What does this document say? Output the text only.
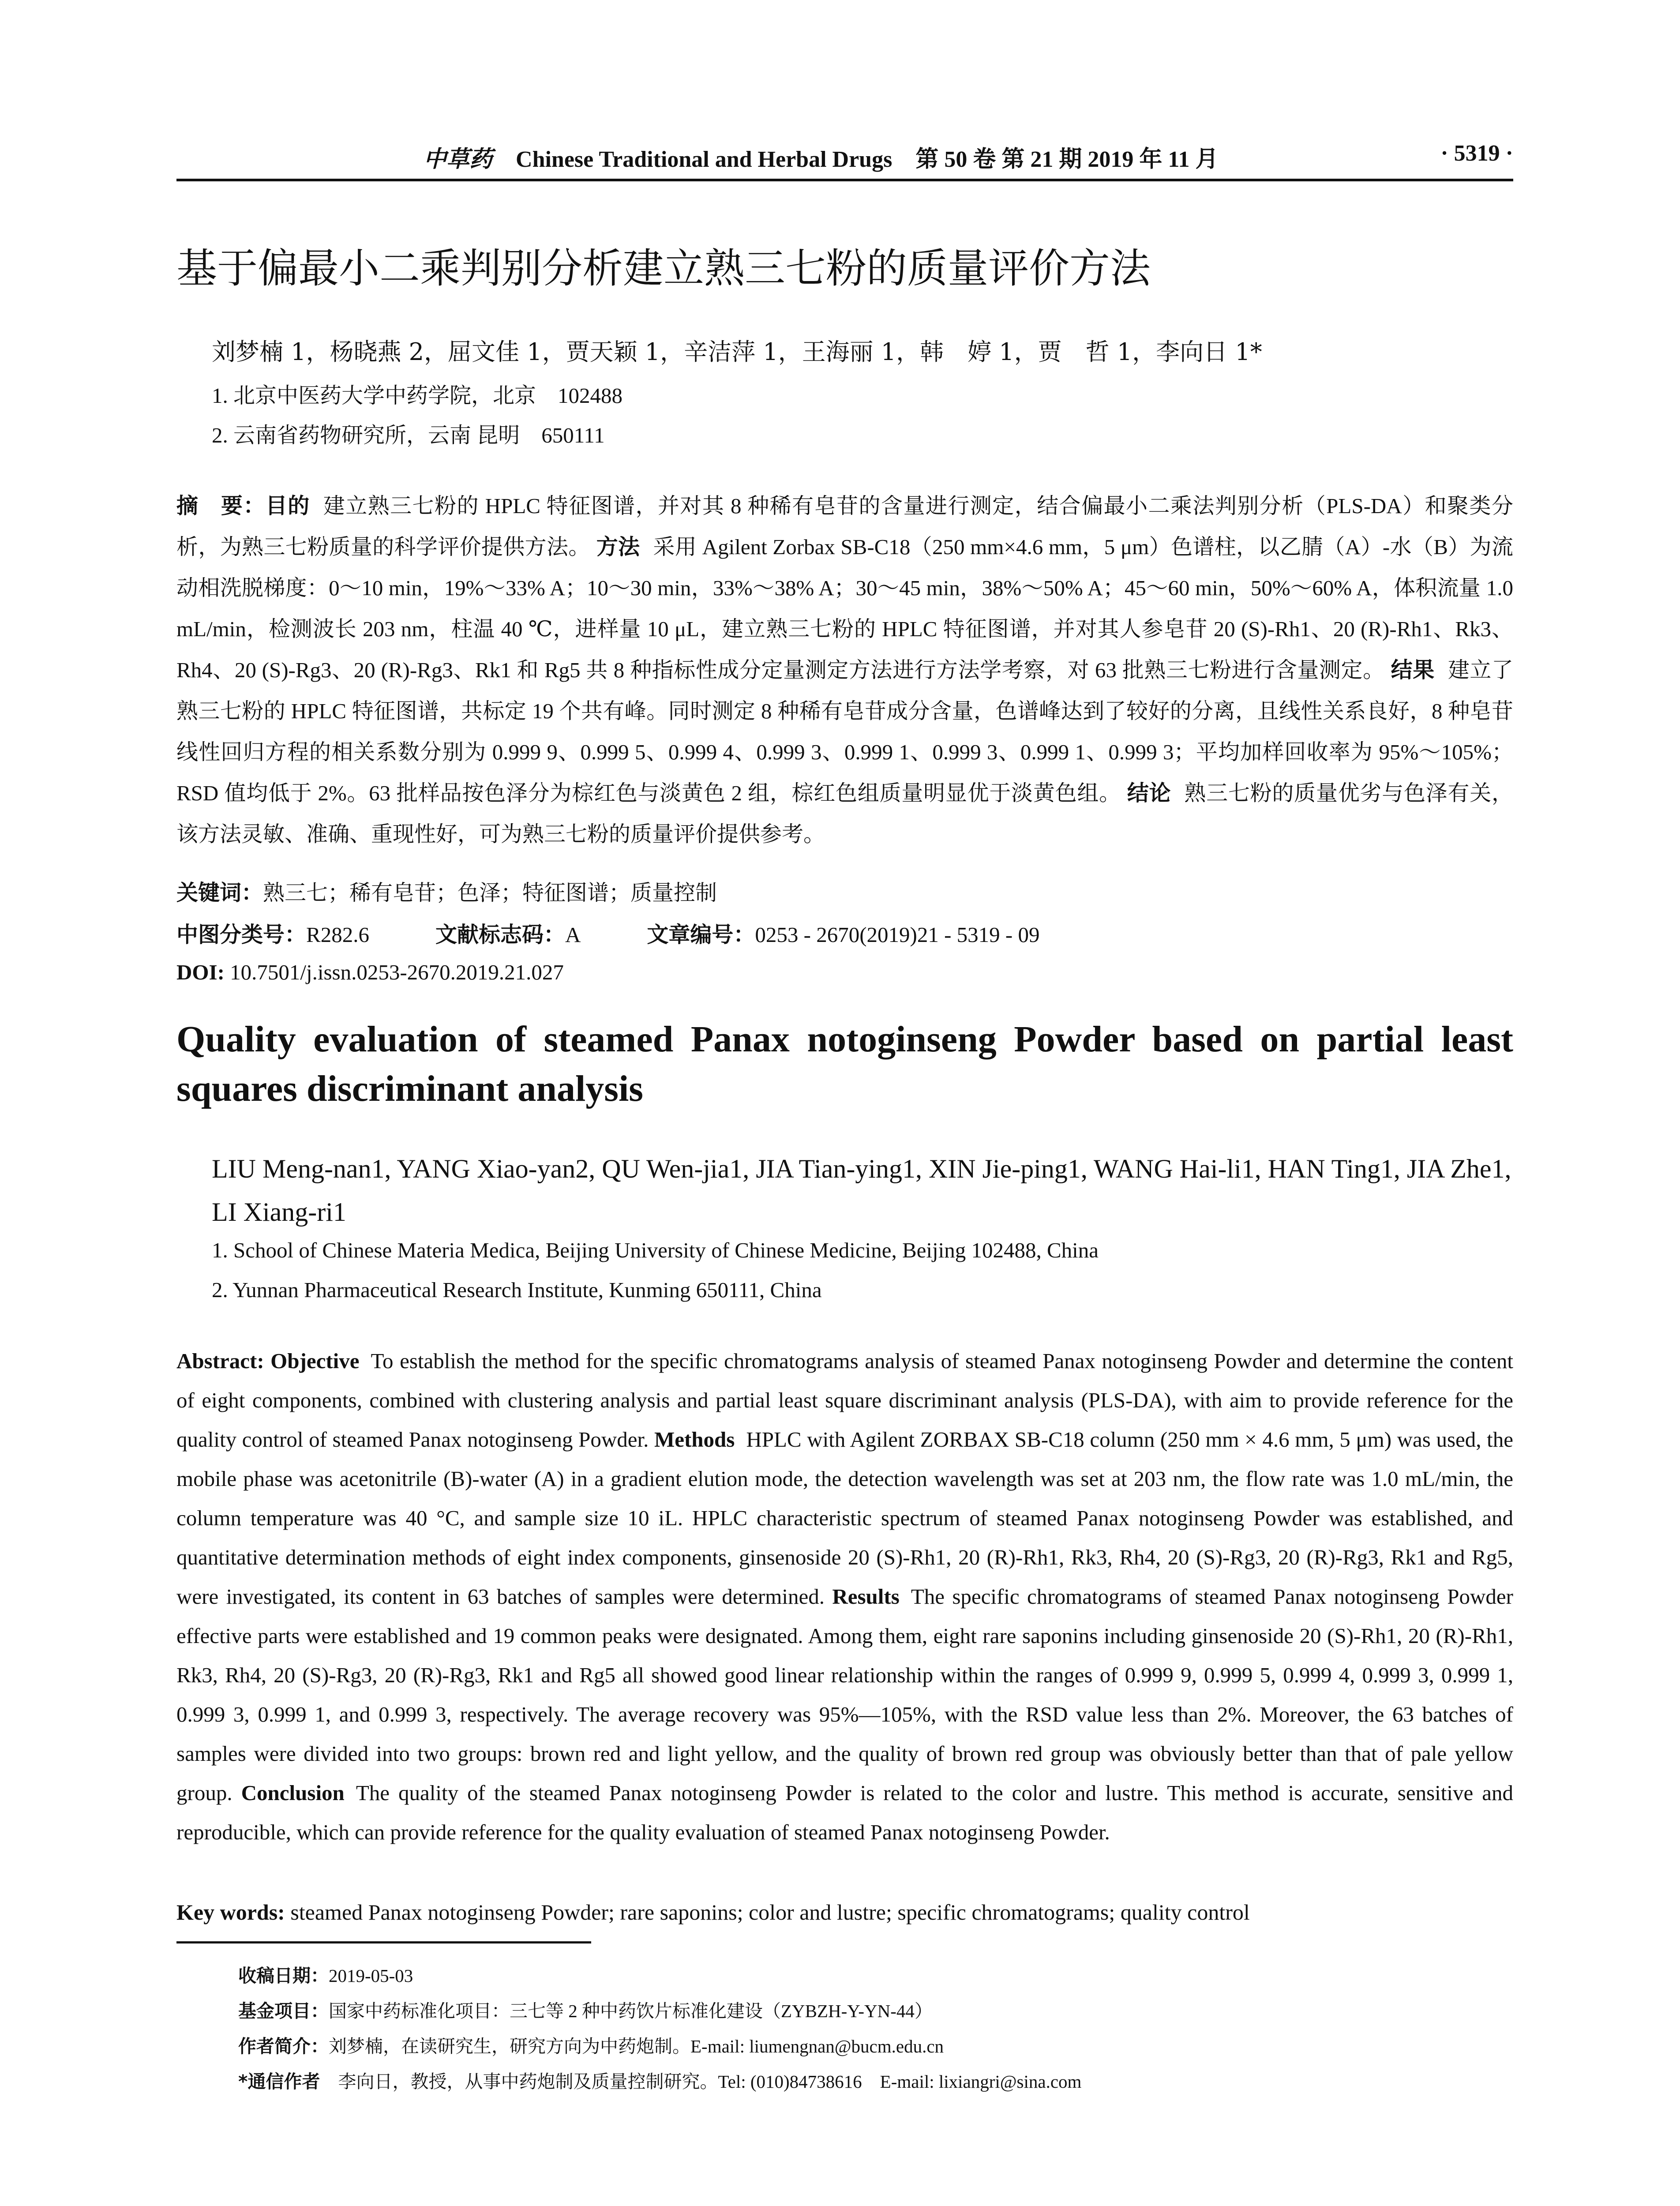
中草药 Chinese Traditional and Herbal Drugs 第 50 卷 第 21 期 2019 年 11 月	· 5319 ·
基于偏最小二乘判别分析建立熟三七粉的质量评价方法
刘梦楠 1，杨晓燕 2，屈文佳 1，贾天颖 1，辛洁萍 1，王海丽 1，韩　婷 1，贾　哲 1，李向日 1*
1. 北京中医药大学中药学院，北京　102488
2. 云南省药物研究所，云南 昆明　650111
摘　要：目的 建立熟三七粉的 HPLC 特征图谱，并对其 8 种稀有皂苷的含量进行测定，结合偏最小二乘法判别分析（PLS-DA）和聚类分析，为熟三七粉质量的科学评价提供方法。 方法 采用 Agilent Zorbax SB-C18（250 mm×4.6 mm，5 μm）色谱柱，以乙腈（A）-水（B）为流动相洗脱梯度：0～10 min，19%～33% A；10～30 min，33%～38% A；30～45 min，38%～50% A；45～60 min，50%～60% A，体积流量 1.0 mL/min，检测波长 203 nm，柱温 40 ℃，进样量 10 μL，建立熟三七粉的 HPLC 特征图谱，并对其人参皂苷 20 (S)-Rh1、20 (R)-Rh1、Rk3、Rh4、20 (S)-Rg3、20 (R)-Rg3、Rk1 和 Rg5 共 8 种指标性成分定量测定方法进行方法学考察，对 63 批熟三七粉进行含量测定。 结果 建立了熟三七粉的 HPLC 特征图谱，共标定 19 个共有峰。同时测定 8 种稀有皂苷成分含量，色谱峰达到了较好的分离，且线性关系良好，8 种皂苷线性回归方程的相关系数分别为 0.999 9、0.999 5、0.999 4、0.999 3、0.999 1、0.999 3、0.999 1、0.999 3；平均加样回收率为 95%～105%；RSD 值均低于 2%。63 批样品按色泽分为棕红色与淡黄色 2 组，棕红色组质量明显优于淡黄色组。 结论 熟三七粉的质量优劣与色泽有关，该方法灵敏、准确、重现性好，可为熟三七粉的质量评价提供参考。
关键词：熟三七；稀有皂苷；色泽；特征图谱；质量控制
中图分类号：R282.6	文献标志码：A	文章编号：0253 - 2670(2019)21 - 5319 - 09
DOI: 10.7501/j.issn.0253-2670.2019.21.027
Quality evaluation of steamed Panax notoginseng Powder based on partial least squares discriminant analysis
LIU Meng-nan1, YANG Xiao-yan2, QU Wen-jia1, JIA Tian-ying1, XIN Jie-ping1, WANG Hai-li1, HAN Ting1, JIA Zhe1, LI Xiang-ri1
1. School of Chinese Materia Medica, Beijing University of Chinese Medicine, Beijing 102488, China
2. Yunnan Pharmaceutical Research Institute, Kunming 650111, China
Abstract: Objective To establish the method for the specific chromatograms analysis of steamed Panax notoginseng Powder and determine the content of eight components, combined with clustering analysis and partial least square discriminant analysis (PLS-DA), with aim to provide reference for the quality control of steamed Panax notoginseng Powder. Methods HPLC with Agilent ZORBAX SB-C18 column (250 mm × 4.6 mm, 5 μm) was used, the mobile phase was acetonitrile (B)-water (A) in a gradient elution mode, the detection wavelength was set at 203 nm, the flow rate was 1.0 mL/min, the column temperature was 40 °C, and sample size 10 iL. HPLC characteristic spectrum of steamed Panax notoginseng Powder was established, and quantitative determination methods of eight index components, ginsenoside 20 (S)-Rh1, 20 (R)-Rh1, Rk3, Rh4, 20 (S)-Rg3, 20 (R)-Rg3, Rk1 and Rg5, were investigated, its content in 63 batches of samples were determined. Results The specific chromatograms of steamed Panax notoginseng Powder effective parts were established and 19 common peaks were designated. Among them, eight rare saponins including ginsenoside 20 (S)-Rh1, 20 (R)-Rh1, Rk3, Rh4, 20 (S)-Rg3, 20 (R)-Rg3, Rk1 and Rg5 all showed good linear relationship within the ranges of 0.999 9, 0.999 5, 0.999 4, 0.999 3, 0.999 1, 0.999 3, 0.999 1, and 0.999 3, respectively. The average recovery was 95%—105%, with the RSD value less than 2%. Moreover, the 63 batches of samples were divided into two groups: brown red and light yellow, and the quality of brown red group was obviously better than that of pale yellow group. Conclusion The quality of the steamed Panax notoginseng Powder is related to the color and lustre. This method is accurate, sensitive and reproducible, which can provide reference for the quality evaluation of steamed Panax notoginseng Powder.
Key words: steamed Panax notoginseng Powder; rare saponins; color and lustre; specific chromatograms; quality control
收稿日期：2019-05-03
基金项目：国家中药标准化项目：三七等 2 种中药饮片标准化建设（ZYBZH-Y-YN-44）
作者简介：刘梦楠，在读研究生，研究方向为中药炮制。E-mail: liumengnan@bucm.edu.cn
*通信作者　 李向日，教授，从事中药炮制及质量控制研究。Tel: (010)84738616　E-mail: lixiangri@sina.com
